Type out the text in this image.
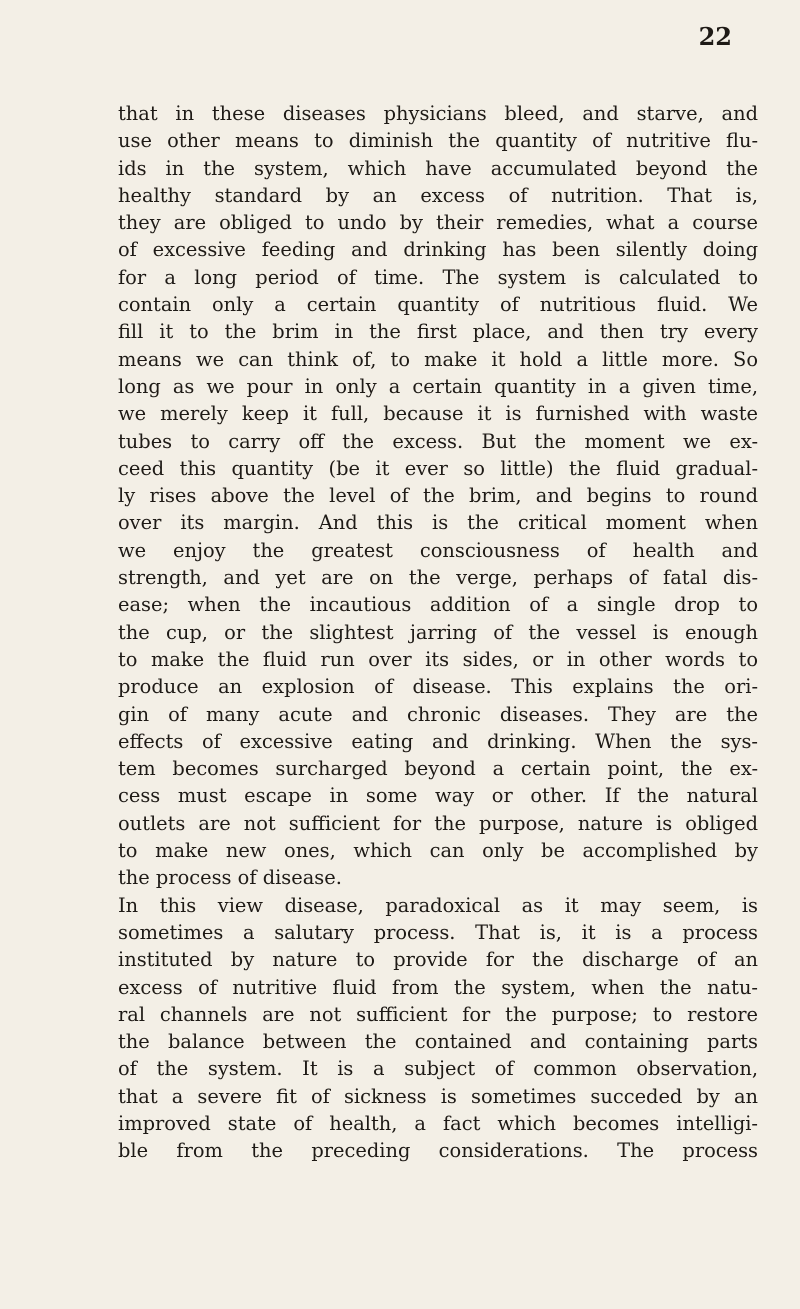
22
that in these diseases physicians bleed, and starve, and
use other means to diminish the quantity of nutritive flu-
ids in the system, which have accumulated beyond the
healthy standard by an excess of nutrition. That is,
they are obliged to undo by their remedies, what a course
of excessive feeding and drinking has been silently doing
for a long period of time. The system is calculated to
contain only a certain quantity of nutritious fluid. We
fill it to the brim in the first place, and then try every
means we can think of, to make it hold a little more. So
long as we pour in only a certain quantity in a given time,
we merely keep it full, because it is furnished with waste
tubes to carry off the excess. But the moment we ex-
ceed this quantity (be it ever so little) the fluid gradual-
ly rises above the level of the brim, and begins to round
over its margin. And this is the critical moment when
we enjoy the greatest consciousness of health and
strength, and yet are on the verge, perhaps of fatal dis-
ease; when the incautious addition of a single drop to
the cup, or the slightest jarring of the vessel is enough
to make the fluid run over its sides, or in other words to
produce an explosion of disease. This explains the ori-
gin of many acute and chronic diseases. They are the
effects of excessive eating and drinking. When the sys-
tem becomes surcharged beyond a certain point, the ex-
cess must escape in some way or other. If the natural
outlets are not sufficient for the purpose, nature is obliged
to make new ones, which can only be accomplished by
the process of disease.
In this view disease, paradoxical as it may seem, is
sometimes a salutary process. That is, it is a process
instituted by nature to provide for the discharge of an
excess of nutritive fluid from the system, when the natu-
ral channels are not sufficient for the purpose; to restore
the balance between the contained and containing parts
of the system. It is a subject of common observation,
that a severe fit of sickness is sometimes succeded by an
improved state of health, a fact which becomes intelligi-
ble from the preceding considerations. The process
